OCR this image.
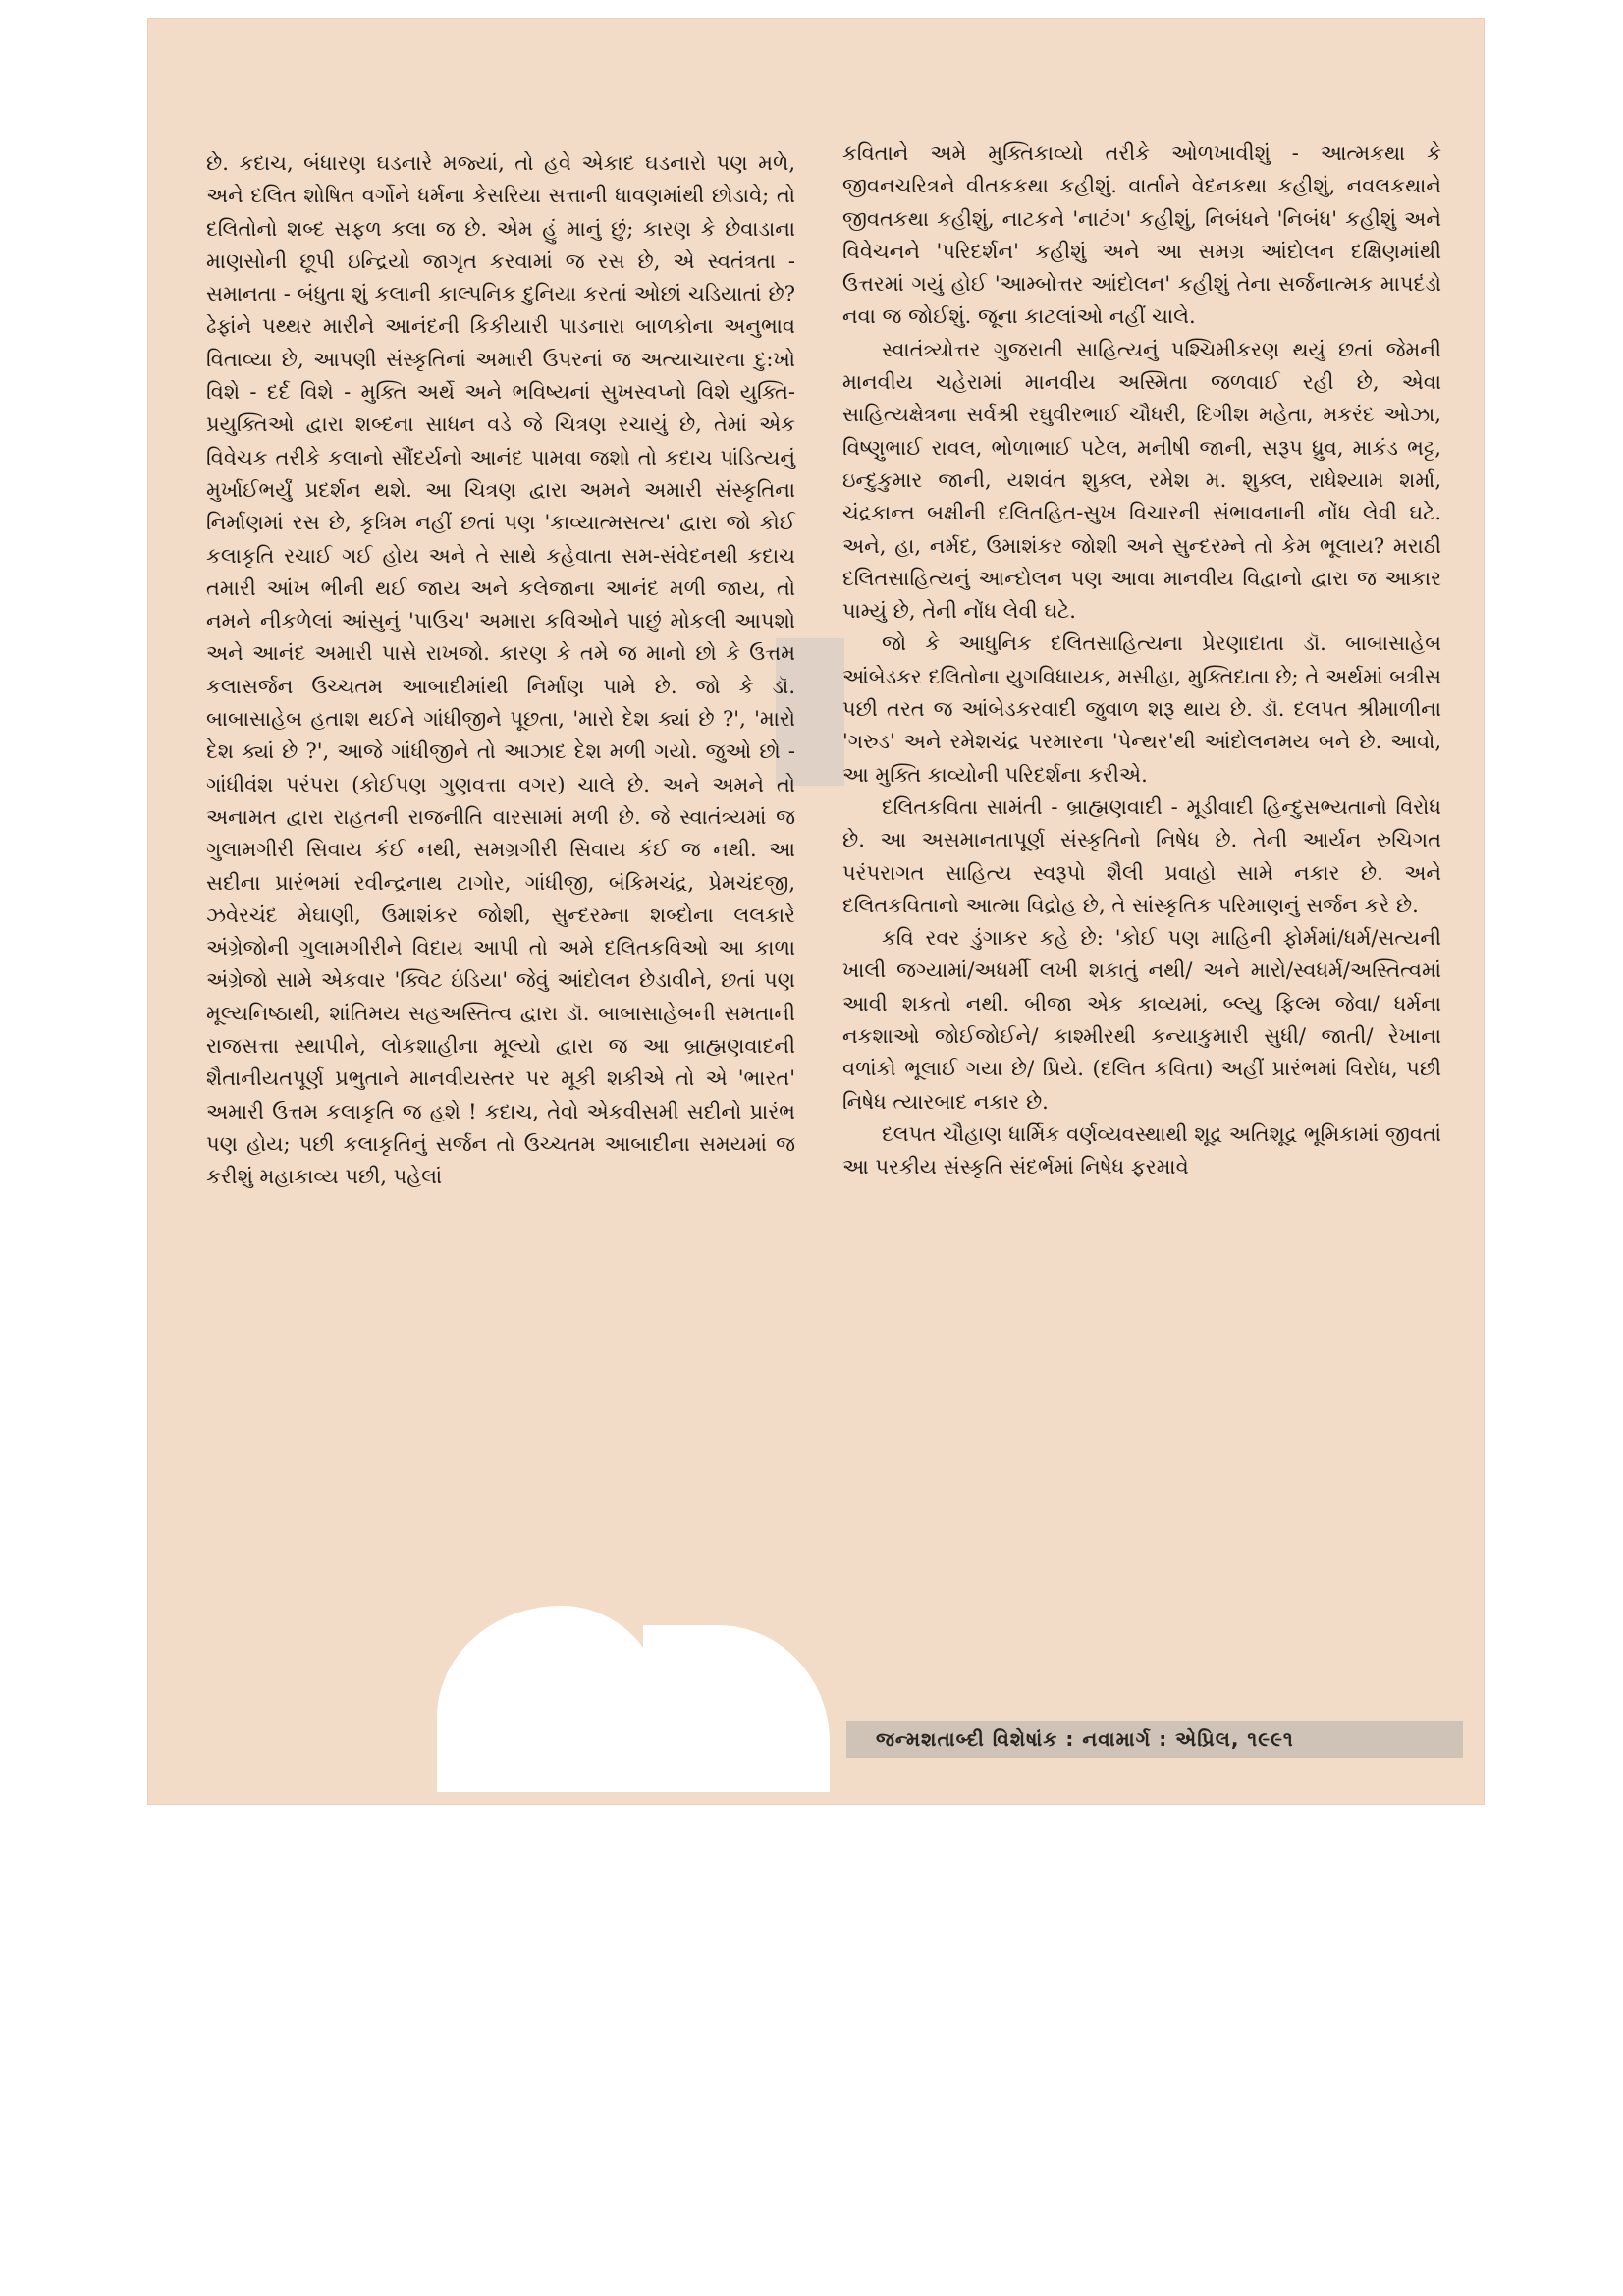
છે. કદાચ, બંધારણ ઘડનારે મજ્યાં, તો હવે એકાદ ઘડનારો પણ મળે, અને દલિત શોષિત વર્ગોને ધર્મના કેસરિયા સત્તાની ધાવણમાંથી છોડાવે; તો દલિતોનો શબ્દ સફળ કલા જ છે. એમ હું માનું છું; કારણ કે છેવાડાના માણસોની છૂપી ઇન્દ્રિયો જાગૃત કરવામાં જ રસ છે, એ સ્વતંત્રતા - સમાનતા - બંધુતા શું કલાની કાલ્પનિક દુનિયા કરતાં ઓછાં ચડિયાતાં છે? ઢેફાંને પથ્થર મારીને આનંદની કિકીયારી પાડનારા બાળકોના અનુભાવ વિતાવ્યા છે, આપણી સંસ્કૃતિનાં અમારી ઉપરનાં જ અત્યાચારના દુ:ખો વિશે - દર્દ વિશે - મુક્તિ અર્થે અને ભવિષ્યનાં સુખસ્વપ્નો વિશે યુક્તિ-પ્રયુક્તિઓ દ્વારા શબ્દના સાધન વડે જે ચિત્રણ રચાયું છે, તેમાં એક વિવેચક તરીકે કલાનો સૌંદર્યનો આનંદ પામવા જશો તો કદાચ પાંડિત્યનું મુર્ખાઈભર્યું પ્રદર્શન થશે. આ ચિત્રણ દ્વારા અમને અમારી સંસ્કૃતિના નિર્માણમાં રસ છે, કૃત્રિમ નહીં છતાં પણ 'કાવ્યાત્મસત્ય' દ્વારા જો કોઈ કલાકૃતિ રચાઈ ગઈ હોય અને તે સાથે કહેવાતા સમ-સંવેદનથી કદાચ તમારી આંખ ભીની થઈ જાય અને કલેજાના આનંદ મળી જાય, તો નમને નીકળેલાં આંસુનું 'પાઉચ' અમારા કવિઓને પાછું મોકલી આપશો અને આનંદ અમારી પાસે રાખજો. કારણ કે તમે જ માનો છો કે ઉત્તમ કલાસર્જન ઉચ્ચતમ આબાદીમાંથી નિર્માણ પામે છે. જો કે ડૉ. બાબાસાહેબ હતાશ થઈને ગાંધીજીને પૂછતા, 'મારો દેશ ક્યાં છે ?', 'મારો દેશ ક્યાં છે ?', આજે ગાંધીજીને તો આઝાદ દેશ મળી ગયો. જુઓ છો - ગાંધીવંશ પરંપરા (કોઈપણ ગુણવત્તા વગર) ચાલે છે. અને અમને તો અનામત દ્વારા રાહતની રાજનીતિ વારસામાં મળી છે. જે સ્વાતંત્ર્યમાં જ ગુલામગીરી સિવાય કંઈ નથી, સમગ્રગીરી સિવાય કંઈ જ નથી. આ સદીના પ્રારંભમાં રવીન્દ્રનાથ ટાગોર, ગાંધીજી, બંકિમચંદ્ર, પ્રેમચંદજી, ઝવેરચંદ મેઘાણી, ઉમાશંકર જોશી, સુન્દરમ્ના શબ્દોના લલકારે અંગ્રેજોની ગુલામગીરીને વિદાય આપી તો અમે દલિતકવિઓ આ કાળા અંગ્રેજો સામે એકવાર 'ક્વિટ ઇંડિયા' જેવું આંદોલન છેડાવીને, છતાં પણ મૂલ્યનિષ્ઠાથી, શાંતિમય સહઅસ્તિત્વ દ્વારા ડૉ. બાબાસાહેબની સમતાની રાજસત્તા સ્થાપીને, લોકશાહીના મૂલ્યો દ્વારા જ આ બ્રાહ્મણવાદની શૈતાનીયતપૂર્ણ પ્રભુતાને માનવીયસ્તર પર મૂકી શકીએ તો એ 'ભારત' અમારી ઉત્તમ કલાકૃતિ જ હશે ! કદાચ, તેવો એકવીસમી સદીનો પ્રારંભ પણ હોય; પછી કલાકૃતિનું સર્જન તો ઉચ્ચતમ આબાદીના સમયમાં જ કરીશું મહાકાવ્ય પછી, પહેલાં

કવિતાને અમે મુક્તિકાવ્યો તરીકે ઓળખાવીશું - આત્મકથા કે જીવનચરિત્રને વીતકકથા કહીશું. વાર્તાને વેદનકથા કહીશું, નવલકથાને જીવતકથા કહીશું, નાટકને 'નાટંગ' કહીશું, નિબંધને 'નિબંધ' કહીશું અને વિવેચનને 'પરિદર્શન' કહીશું અને આ સમગ્ર આંદોલન દક્ષિણમાંથી ઉત્તરમાં ગયું હોઈ 'આમ્બોત્તર આંદોલન' કહીશું તેના સર્જનાત્મક માપદંડો નવા જ જોઈશું. જૂના કાટલાંઓ નહીં ચાલે.

સ્વાતંત્ર્યોત્તર ગુજરાતી સાહિત્યનું પશ્ચિમીકરણ થયું છતાં જેમની માનવીય ચહેરામાં માનવીય અસ્મિતા જળવાઈ રહી છે, એવા સાહિત્યક્ષેત્રના સર્વશ્રી રઘુવીરભાઈ ચૌધરી, દિગીશ મહેતા, મકરંદ ઓઝા, વિષ્ણુભાઈ રાવલ, ભોળાભાઈ પટેલ, મનીષી જાની, સરૂપ ધ્રુવ, માકંડ ભટ્ટ, ઇન્દુકુમાર જાની, યશવંત શુક્લ, રમેશ મ. શુક્લ, રાધેશ્યામ શર્મા, ચંદ્રકાન્ત બક્ષીની દલિતહિત-સુખ વિચારની સંભાવનાની નોંધ લેવી ઘટે. અને, હા, નર્મદ, ઉમાશંકર જોશી અને સુન્દરમ્ને તો કેમ ભૂલાય? મરાઠી દલિતસાહિત્યનું આન્દોલન પણ આવા માનવીય વિદ્વાનો દ્વારા જ આકાર પામ્યું છે, તેની નોંધ લેવી ઘટે.

જો કે આધુનિક દલિતસાહિત્યના પ્રેરણાદાતા ડૉ. બાબાસાહેબ આંબેડકર દલિતોના યુગવિધાયક, મસીહા, મુક્તિદાતા છે; તે અર્થમાં બત્રીસ પછી તરત જ આંબેડકરવાદી જુવાળ શરૂ થાય છે. ડૉ. દલપત શ્રીમાળીના 'ગરુડ' અને રમેશચંદ્ર પરમારના 'પેન્થર'થી આંદોલનમય બને છે. આવો, આ મુક્તિ કાવ્યોની પરિદર્શના કરીએ.

દલિતકવિતા સામંતી - બ્રાહ્મણવાદી - મૂડીવાદી હિન્દુસભ્યતાનો વિરોધ છે. આ અસમાનતાપૂર્ણ સંસ્કૃતિનો નિષેધ છે. તેની આર્યન રુચિગત પરંપરાગત સાહિત્ય સ્વરૂપો શૈલી પ્રવાહો સામે નકાર છે. અને દલિતકવિતાનો આત્મા વિદ્રોહ છે, તે સાંસ્કૃતિક પરિમાણનું સર્જન કરે છે.

કવિ રવર ડુંગાકર કહે છે: 'કોઈ પણ માહિની ફોર્મમાં/ધર્મ/સત્યની ખાલી જગ્યામાં/અધર્મી લખી શકાતું નથી/ અને મારો/સ્વધર્મ/અસ્તિત્વમાં આવી શકતો નથી. બીજા એક કાવ્યમાં, બ્લ્યુ ફિલ્મ જેવા/ ધર્મના નકશાઓ જોઈજોઈને/ કાશ્મીરથી કન્યાકુમારી સુધી/ જાતી/ રેખાના વળાંકો ભૂલાઈ ગયા છે/ પ્રિયે. (દલિત કવિતા) અહીં પ્રારંભમાં વિરોધ, પછી નિષેધ ત્યારબાદ નકાર છે.

દલપત ચૌહાણ ધાર્મિક વર્ણવ્યવસ્થાથી શૂદ્ર અતિશૂદ્ર ભૂમિકામાં જીવતાં આ પરકીય સંસ્કૃતિ સંદર્ભમાં નિષેધ ફરમાવે

જન્મશતાબ્દી વિશેષાંક : નવામાર્ગ : એપ્રિલ, ૧૯૯૧
